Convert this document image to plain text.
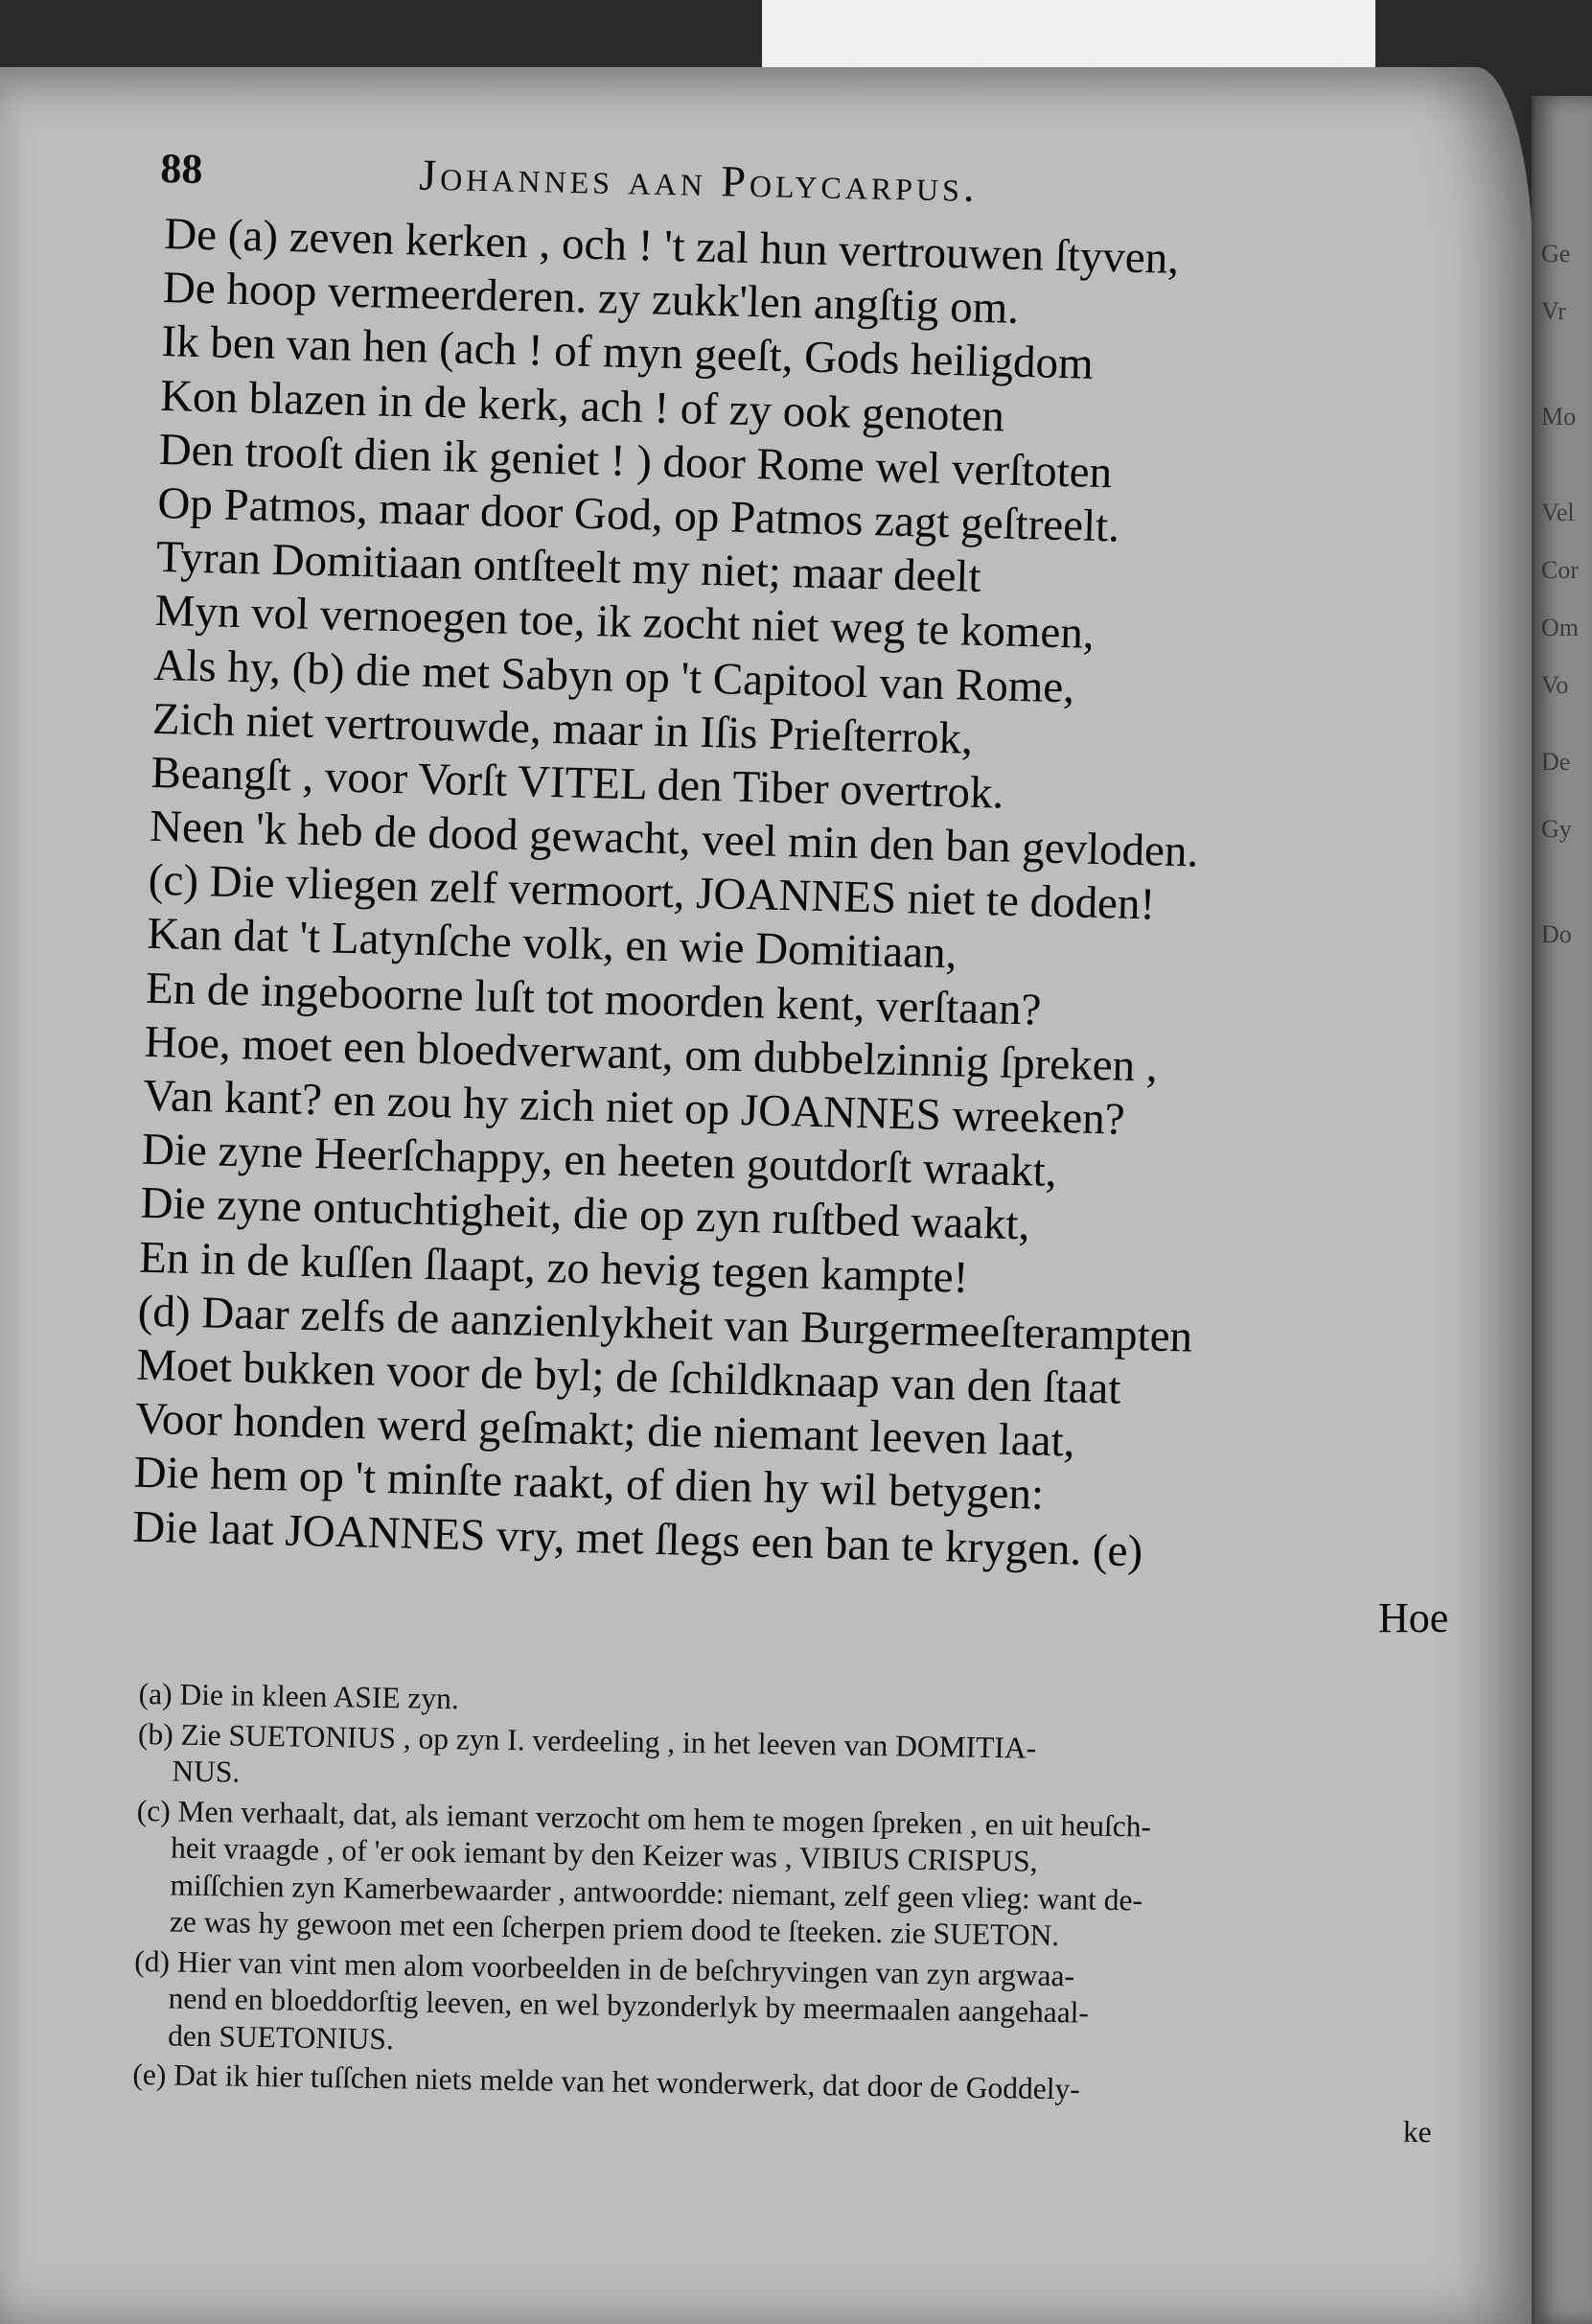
Ge
Vr
Mo
Vel
Cor
Om
Vo
De
Gy
Do
88	Johannes aan Polycarpus.
De (a) zeven kerken , och ! 't zal hun vertrouwen ſtyven,
De hoop vermeerderen. zy zukk'len angſtig om.
Ik ben van hen (ach ! of myn geeſt, Gods heiligdom
Kon blazen in de kerk, ach ! of zy ook genoten
Den trooſt dien ik geniet ! ) door Rome wel verſtoten
Op Patmos, maar door God, op Patmos zagt geſtreelt.
Tyran Domitiaan ontſteelt my niet; maar deelt
Myn vol vernoegen toe, ik zocht niet weg te komen,
Als hy, (b) die met Sabyn op 't Capitool van Rome,
Zich niet vertrouwde, maar in Iſis Prieſterrok,
Beangſt , voor Vorſt VITEL den Tiber overtrok.
Neen 'k heb de dood gewacht, veel min den ban gevloden.
(c) Die vliegen zelf vermoort, JOANNES niet te doden!
Kan dat 't Latynſche volk, en wie Domitiaan,
En de ingeboorne luſt tot moorden kent, verſtaan?
Hoe, moet een bloedverwant, om dubbelzinnig ſpreken ,
Van kant? en zou hy zich niet op JOANNES wreeken?
Die zyne Heerſchappy, en heeten goutdorſt wraakt,
Die zyne ontuchtigheit, die op zyn ruſtbed waakt,
En in de kuſſen ſlaapt, zo hevig tegen kampte!
(d) Daar zelfs de aanzienlykheit van Burgermeeſterampten
Moet bukken voor de byl; de ſchildknaap van den ſtaat
Voor honden werd geſmakt; die niemant leeven laat,
Die hem op 't minſte raakt, of dien hy wil betygen:
Die laat JOANNES vry, met ſlegs een ban te krygen. (e)
Hoe
(a) Die in kleen ASIE zyn.
(b) Zie SUETONIUS , op zyn I. verdeeling , in het leeven van DOMITIA-
NUS.
(c) Men verhaalt, dat, als iemant verzocht om hem te mogen ſpreken , en uit heuſch-
heit vraagde , of 'er ook iemant by den Keizer was , VIBIUS CRISPUS,
miſſchien zyn Kamerbewaarder , antwoordde: niemant, zelf geen vlieg: want de-
ze was hy gewoon met een ſcherpen priem dood te ſteeken. zie SUETON.
(d) Hier van vint men alom voorbeelden in de beſchryvingen van zyn argwaa-
nend en bloeddorſtig leeven, en wel byzonderlyk by meermaalen aangehaal-
den SUETONIUS.
(e) Dat ik hier tuſſchen niets melde van het wonderwerk, dat door de Goddely-
ke
